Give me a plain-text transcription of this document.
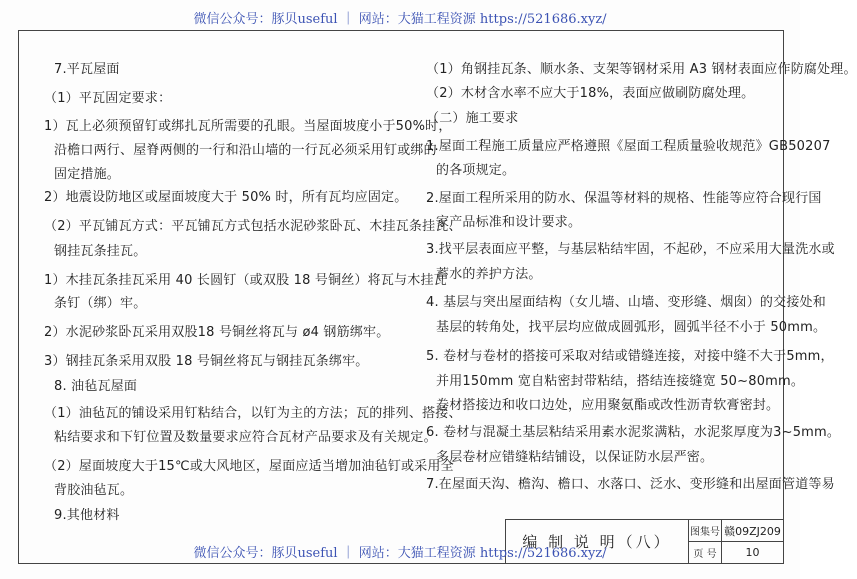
微信公众号：豚贝useful ｜ 网站：大猫工程资源 https://521686.xyz/
7.平瓦屋面
（1）平瓦固定要求：
1）瓦上必须预留钉或绑扎瓦所需要的孔眼。当屋面坡度小于50%时，
沿檐口两行、屋脊两侧的一行和沿山墙的一行瓦必须采用钉或绑的
固定措施。
2）地震设防地区或屋面坡度大于 50% 时，所有瓦均应固定。
（2）平瓦铺瓦方式：平瓦铺瓦方式包括水泥砂浆卧瓦、木挂瓦条挂瓦、
钢挂瓦条挂瓦。
1）木挂瓦条挂瓦采用 40 长圆钉（或双股 18 号铜丝）将瓦与木挂瓦
条钉（绑）牢。
2）水泥砂浆卧瓦采用双股18 号铜丝将瓦与 ø4 钢筋绑牢。
3）钢挂瓦条采用双股 18 号铜丝将瓦与钢挂瓦条绑牢。
8. 油毡瓦屋面
（1）油毡瓦的铺设采用钉粘结合，以钉为主的方法；瓦的排列、搭接、
粘结要求和下钉位置及数量要求应符合瓦材产品要求及有关规定。
（2）屋面坡度大于15℃或大风地区，屋面应适当增加油毡钉或采用全
背胶油毡瓦。
9.其他材料
（1）角钢挂瓦条、顺水条、支架等钢材采用 A3 钢材表面应作防腐处理。
（2）木材含水率不应大于18%，表面应做刷防腐处理。
（二）施工要求
1.屋面工程施工质量应严格遵照《屋面工程质量验收规范》GB50207
的各项规定。
2.屋面工程所采用的防水、保温等材料的规格、性能等应符合现行国
家产品标准和设计要求。
3.找平层表面应平整，与基层粘结牢固，不起砂，不应采用大量洗水或
蓄水的养护方法。
4. 基层与突出屋面结构（女儿墙、山墙、变形缝、烟囱）的交接处和
基层的转角处，找平层均应做成圆弧形，圆弧半径不小于 50mm。
5. 卷材与卷材的搭接可采取对结或错缝连接，对接中缝不大于5mm，
并用150mm 宽自粘密封带粘结，搭结连接缝宽 50~80mm。
卷材搭接边和收口边处，应用聚氨酯或改性沥青软膏密封。
6. 卷材与混凝土基层粘结采用素水泥浆满粘，水泥浆厚度为3~5mm。
多层卷材应错缝粘结铺设，以保证防水层严密。
7.在屋面天沟、檐沟、檐口、水落口、泛水、变形缝和出屋面管道等易
编 制 说 明（八）
图集号 赣09ZJ209
页 号	10
微信公众号：豚贝useful ｜ 网站：大猫工程资源 https://521686.xyz/
